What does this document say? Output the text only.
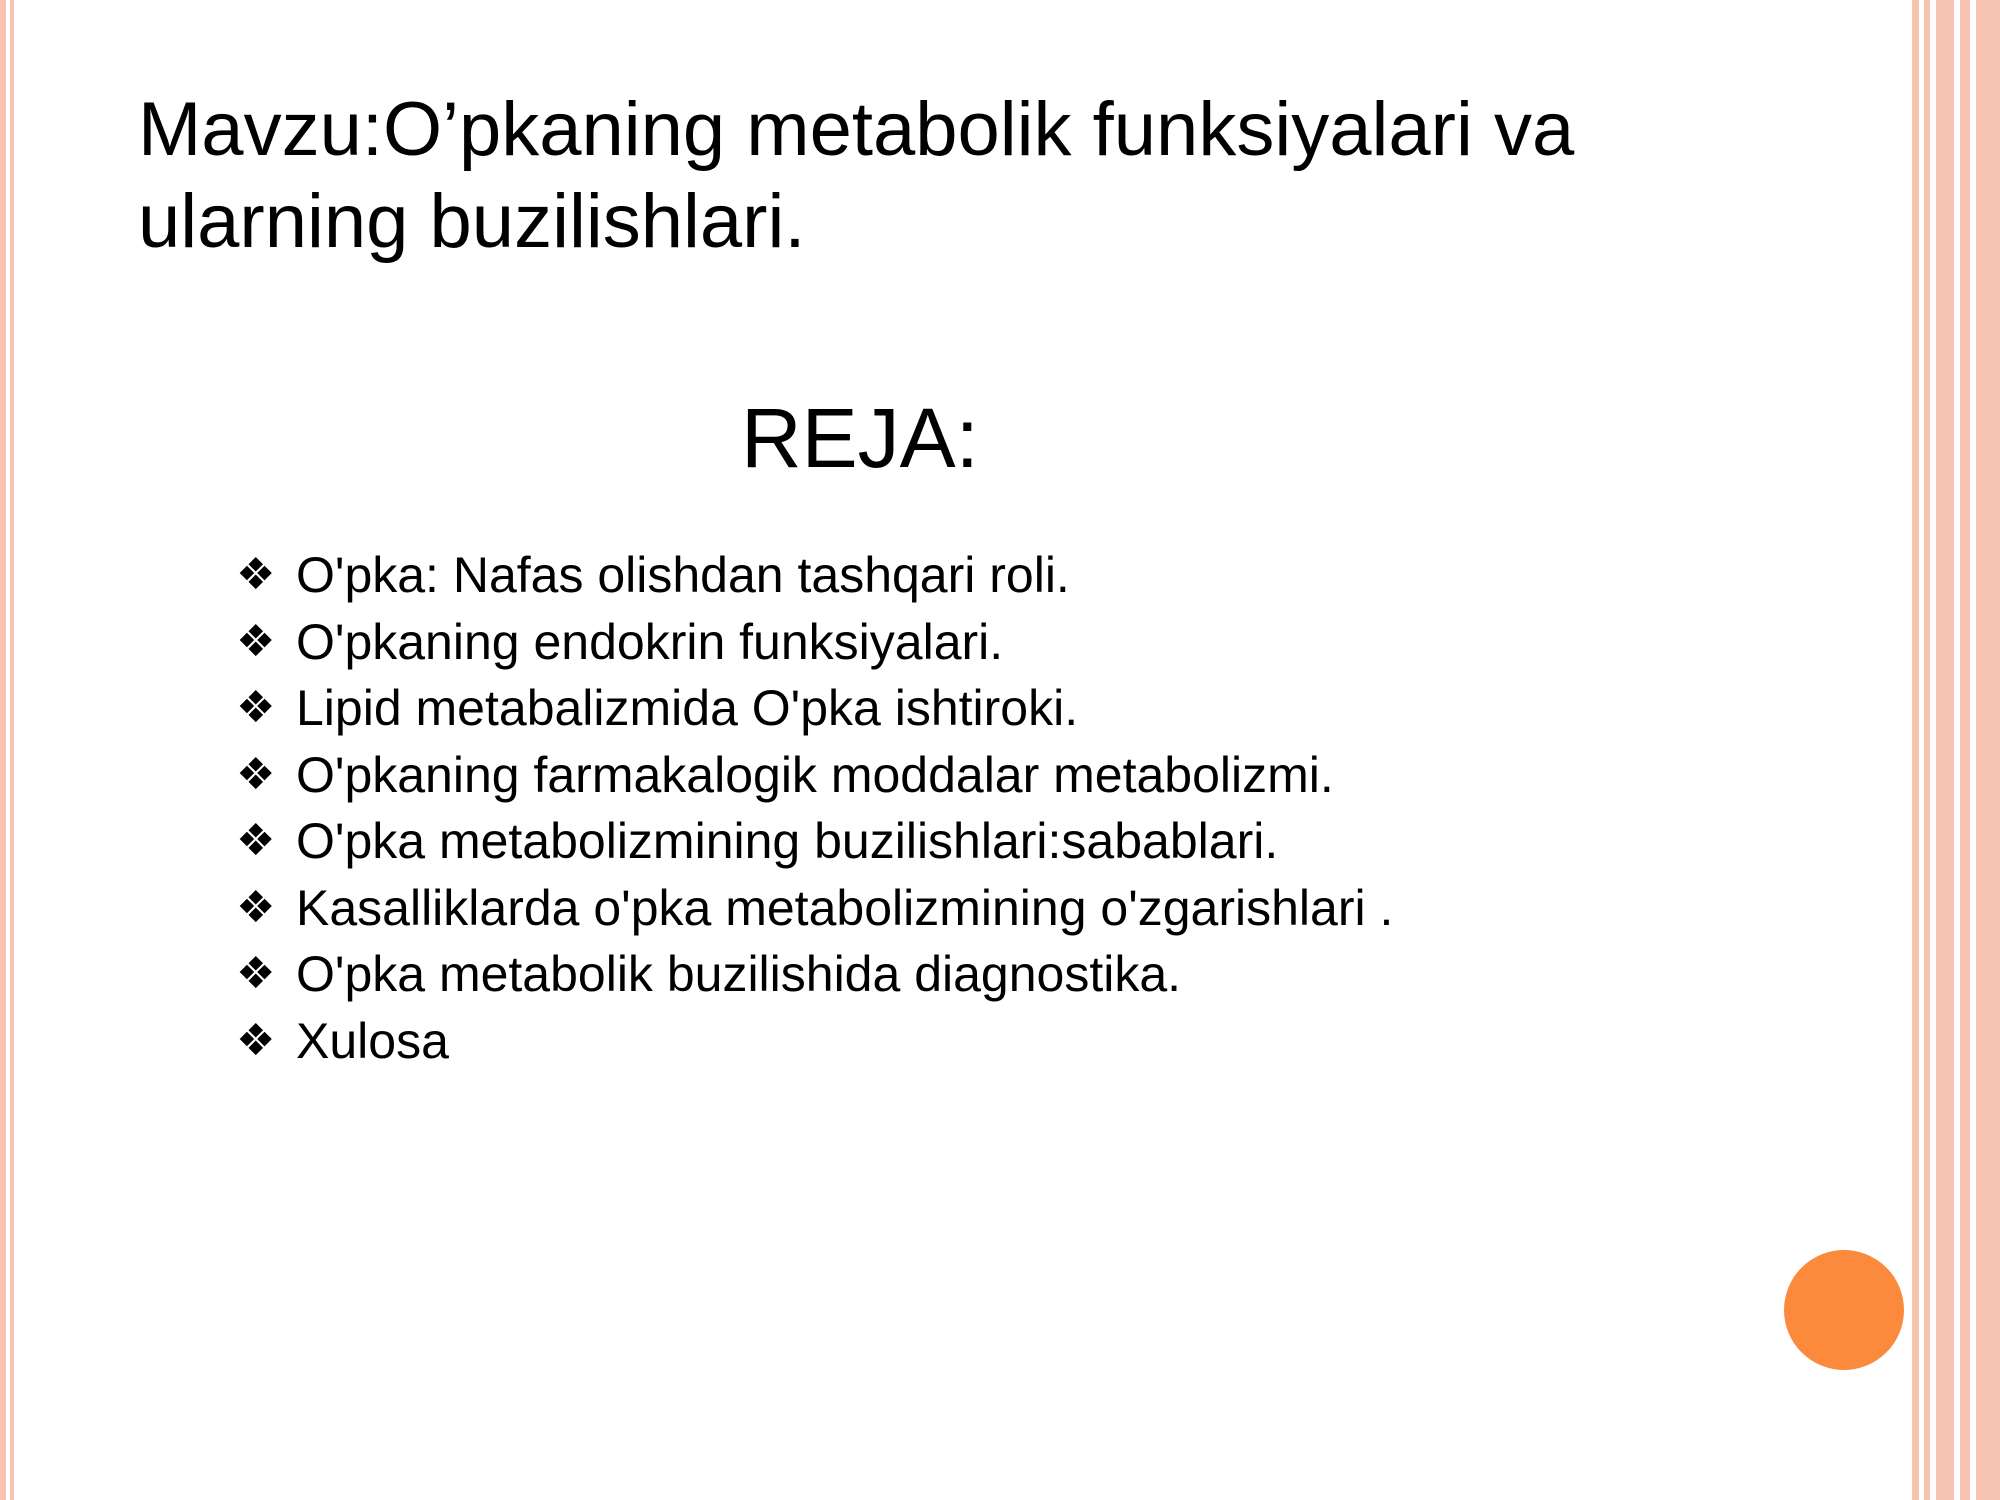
Mavzu:O’pkaning metabolik funksiyalari va
ularning buzilishlari.
REJA:
❖ O'pka: Nafas olishdan tashqari roli.
❖ O'pkaning endokrin funksiyalari.
❖ Lipid metabalizmida O'pka ishtiroki.
❖ O'pkaning farmakalogik moddalar metabolizmi.
❖ O'pka metabolizmining buzilishlari:sabablari.
❖ Kasalliklarda o'pka metabolizmining o'zgarishlari .
❖ O'pka metabolik buzilishida diagnostika.
❖ Xulosa
